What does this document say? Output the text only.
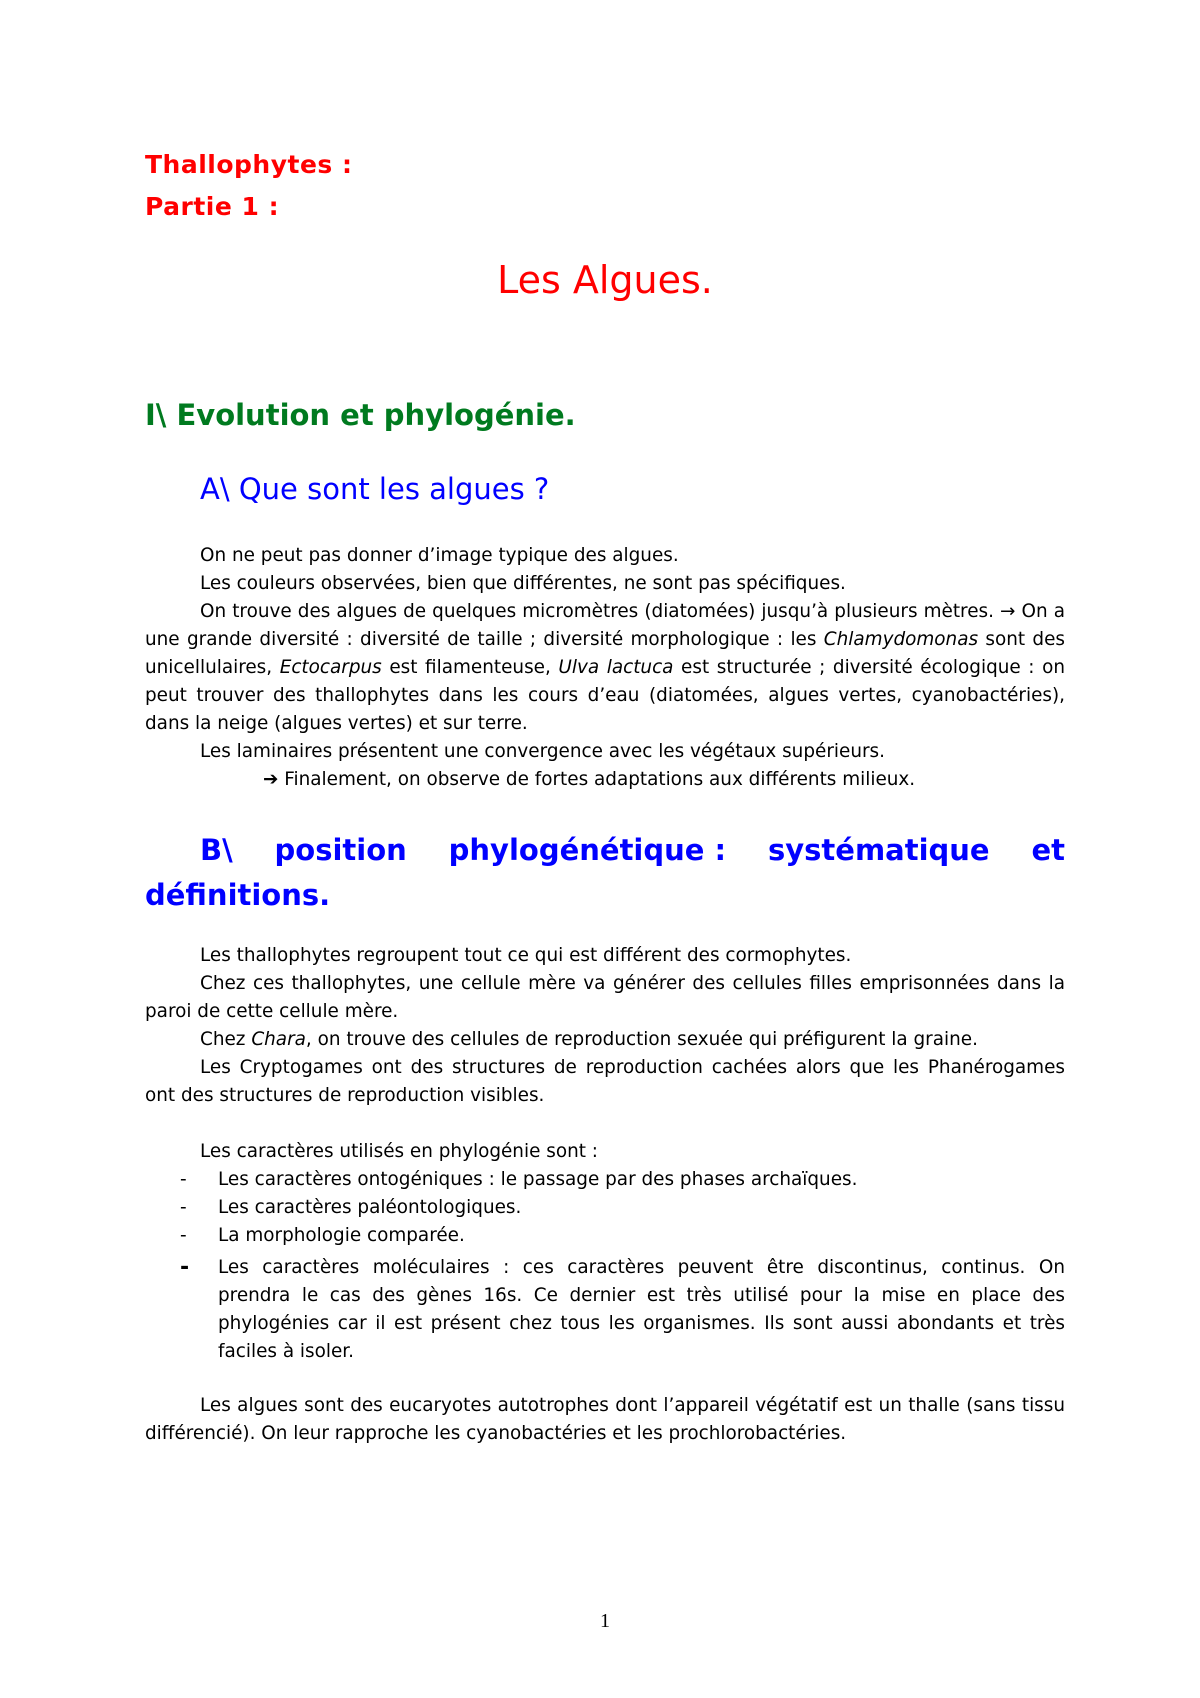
Thallophytes :
Partie 1 :
Les Algues.
I\ Evolution et phylogénie.
A\ Que sont les algues ?
On ne peut pas donner d’image typique des algues.
Les couleurs observées, bien que différentes, ne sont pas spécifiques.
On trouve des algues de quelques micromètres (diatomées) jusqu’à plusieurs mètres. → On a une grande diversité : diversité de taille ; diversité morphologique : les Chlamydomonas sont des unicellulaires, Ectocarpus est filamenteuse, Ulva lactuca est structurée ; diversité écologique : on peut trouver des thallophytes dans les cours d’eau (diatomées, algues vertes, cyanobactéries), dans la neige (algues vertes) et sur terre.
Les laminaires présentent une convergence avec les végétaux supérieurs.
➔ Finalement, on observe de fortes adaptations aux différents milieux.
B\ position phylogénétique : systématique et
définitions.
Les thallophytes regroupent tout ce qui est différent des cormophytes.
Chez ces thallophytes, une cellule mère va générer des cellules filles emprisonnées dans la paroi de cette cellule mère.
Chez Chara, on trouve des cellules de reproduction sexuée qui préfigurent la graine.
Les Cryptogames ont des structures de reproduction cachées alors que les Phanérogames ont des structures de reproduction visibles.
Les caractères utilisés en phylogénie sont :
- Les caractères ontogéniques : le passage par des phases archaïques.
- Les caractères paléontologiques.
- La morphologie comparée.
- Les caractères moléculaires : ces caractères peuvent être discontinus, continus. On prendra le cas des gènes 16s. Ce dernier est très utilisé pour la mise en place des phylogénies car il est présent chez tous les organismes. Ils sont aussi abondants et très faciles à isoler.
Les algues sont des eucaryotes autotrophes dont l’appareil végétatif est un thalle (sans tissu différencié). On leur rapproche les cyanobactéries et les prochlorobactéries.
1
